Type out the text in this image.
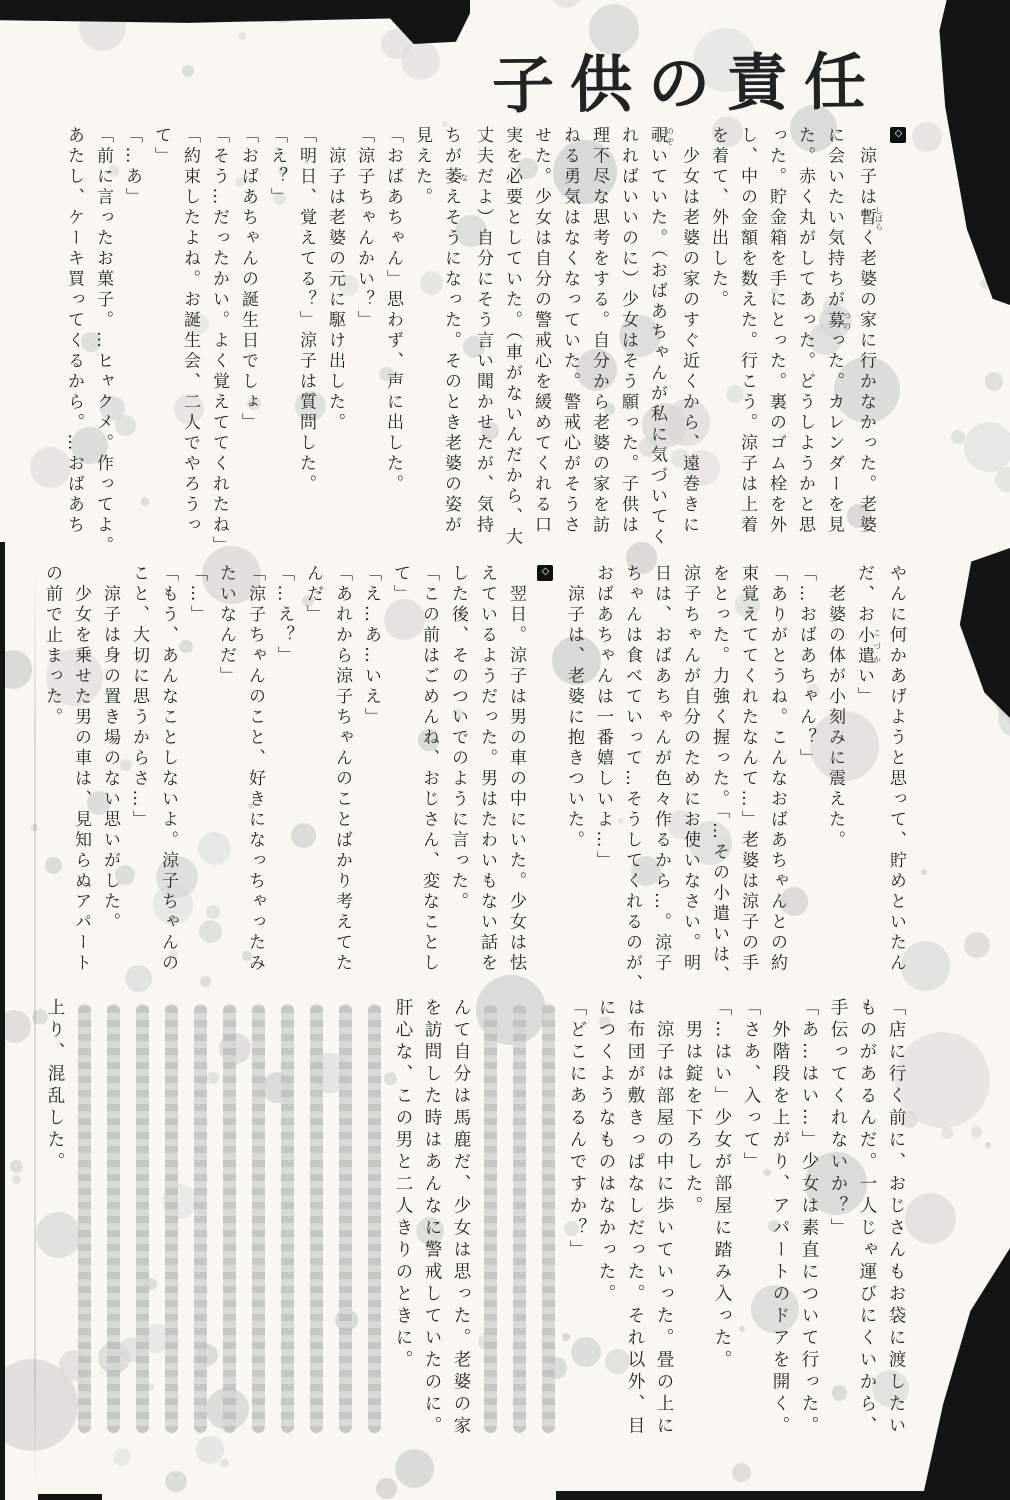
子供の責任
◇
　涼子は暫しばらく老婆の家に行かなかった。老婆
に会いたい気持ちが募つのった。カレンダーを見
た。赤く丸がしてあった。どうしようかと思
った。貯金箱を手にとった。裏のゴム栓を外
し、中の金額を数えた。行こう。涼子は上着
を着て、外出した。
　少女は老婆の家のすぐ近くから、遠巻きに
覗のぞいていた。（おばあちゃんが私に気づいてく
れればいいのに）少女はそう願った。子供は
理不尽な思考をする。自分から老婆の家を訪
ねる勇気はなくなっていた。警戒心がそうさ
せた。少女は自分の警戒心を緩めてくれる口
実を必要としていた。（車がないんだから、大
丈夫だよ）自分にそう言い聞かせたが、気持
ちが萎なえそうになった。そのとき老婆の姿が
見えた。
「おばあちゃん」思わず、声に出した。
「涼子ちゃんかい？」
　涼子は老婆の元に駆け出した。
「明日、覚えてる？」涼子は質問した。
「え？」
「おばあちゃんの誕生日でしょ」
「そう…だったかい。よく覚えててくれたね」
「約束したよね。お誕生会、二人でやろうっ
て」
「…あ」
「前に言ったお菓子。…ヒャクメ。作ってよ。
あたし、ケーキ買ってくるから。…おばあち
やんに何かあげようと思って、貯めといたん
だ、お小遣こづかい」
　老婆の体が小刻みに震えた。
「…おばあちゃん？」
「ありがとうね。こんなおばあちゃんとの約
束覚えててくれたなんて…」老婆は涼子の手
をとった。力強く握った。「…その小遣いは、
涼子ちゃんが自分のためにお使いなさい。明
日は、おばあちゃんが色々作るから…。涼子
ちゃんは食べていって…そうしてくれるのが、
おばあちゃんは一番嬉しいよ…」
　涼子は、老婆に抱きついた。
◇
　翌日。涼子は男の車の中にいた。少女は怯
えているようだった。男はたわいもない話を
した後、そのついでのように言った。
「この前はごめんね、おじさん、変なことし
て」
「え…あ…いえ」
「あれから涼子ちゃんのことばかり考えてた
んだ」
「…え？」
「涼子ちゃんのこと、好きになっちゃったみ
たいなんだ」
「…」
「もう、あんなことしないよ。涼子ちゃんの
こと、大切に思うからさ…」
　涼子は身の置き場のない思いがした。
　少女を乗せた男の車は、見知らぬアパート
の前で止まった。
「店に行く前に、おじさんもお袋に渡したい
ものがあるんだ。一人じゃ運びにくいから、
手伝ってくれないか？」
「あ…はい…」少女は素直について行った。
　外階段を上がり、アパートのドアを開く。
「さあ、入って」
「…はい」少女が部屋に踏み入った。
　男は錠を下ろした。
　涼子は部屋の中に歩いていった。畳の上に
は布団が敷きっぱなしだった。それ以外、目
につくようなものはなかった。
「どこにあるんですか？」
んて自分は馬鹿だ、少女は思った。老婆の家
を訪問した時はあんなに警戒していたのに。
肝心な、この男と二人きりのときに。
上り、混乱した。
